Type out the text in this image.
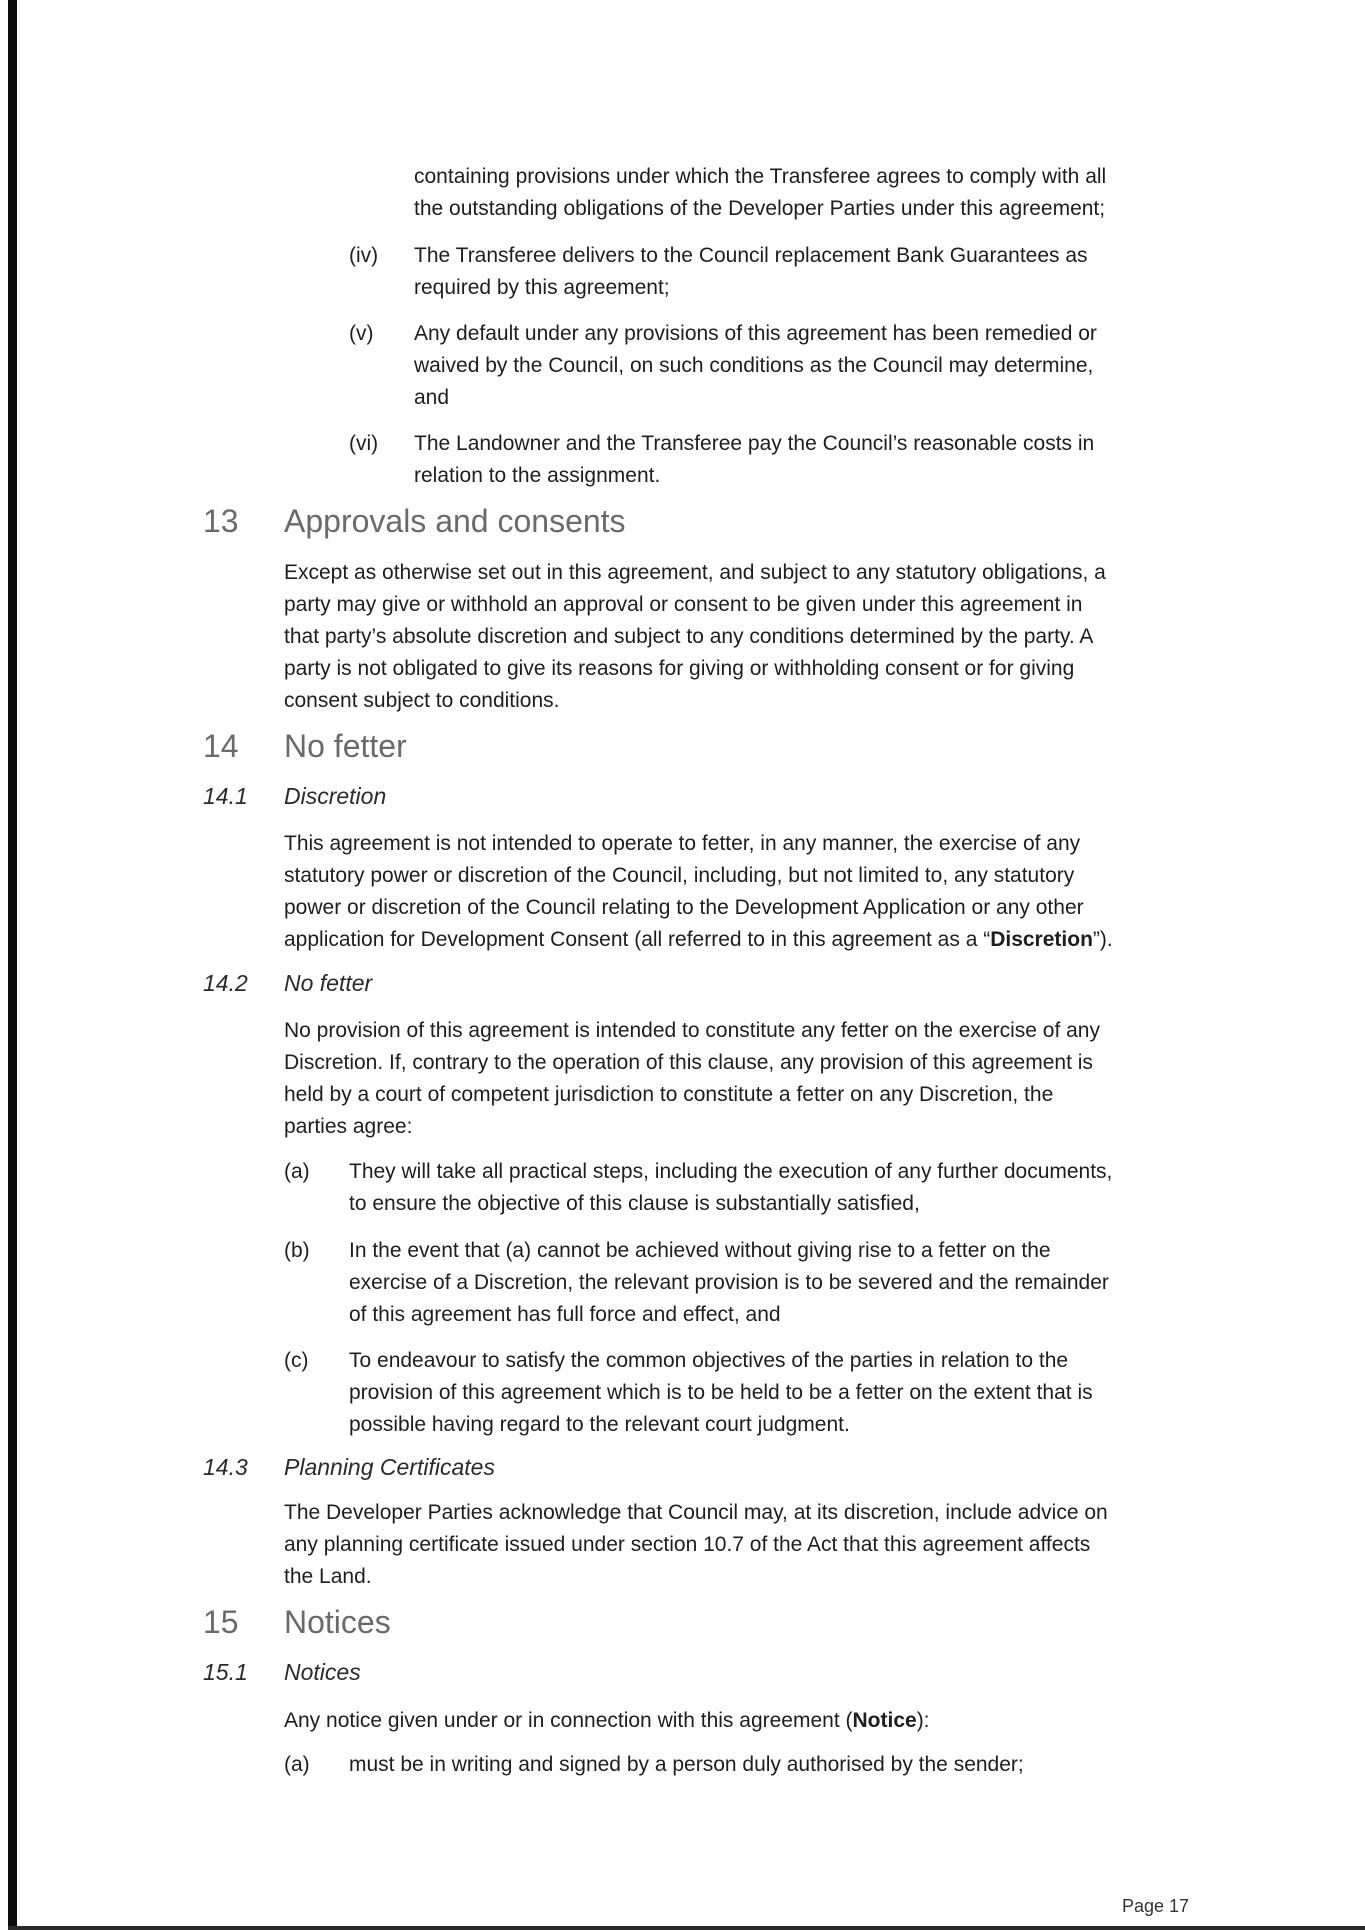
containing provisions under which the Transferee agrees to comply with all

the outstanding obligations of the Developer Parties under this agreement;

(iv) The Transferee delivers to the Council replacement Bank Guarantees as

required by this agreement;

(v) Any default under any provisions of this agreement has been remedied or

waived by the Council, on such conditions as the Council may determine,

and

(vi) The Landowner and the Transferee pay the Council’s reasonable costs in

relation to the assignment.

13 Approvals and consents

Except as otherwise set out in this agreement, and subject to any statutory obligations, a

party may give or withhold an approval or consent to be given under this agreement in

that party’s absolute discretion and subject to any conditions determined by the party. A

party is not obligated to give its reasons for giving or withholding consent or for giving

consent subject to conditions.

14 No fetter

14.1 Discretion

This agreement is not intended to operate to fetter, in any manner, the exercise of any

statutory power or discretion of the Council, including, but not limited to, any statutory

power or discretion of the Council relating to the Development Application or any other

application for Development Consent (all referred to in this agreement as a “Discretion”).

14.2 No fetter

No provision of this agreement is intended to constitute any fetter on the exercise of any

Discretion. If, contrary to the operation of this clause, any provision of this agreement is

held by a court of competent jurisdiction to constitute a fetter on any Discretion, the

parties agree:

(a) They will take all practical steps, including the execution of any further documents,

to ensure the objective of this clause is substantially satisfied,

(b) In the event that (a) cannot be achieved without giving rise to a fetter on the

exercise of a Discretion, the relevant provision is to be severed and the remainder

of this agreement has full force and effect, and

(c) To endeavour to satisfy the common objectives of the parties in relation to the

provision of this agreement which is to be held to be a fetter on the extent that is

possible having regard to the relevant court judgment.

14.3 Planning Certificates

The Developer Parties acknowledge that Council may, at its discretion, include advice on

any planning certificate issued under section 10.7 of the Act that this agreement affects

the Land.

15 Notices

15.1 Notices

Any notice given under or in connection with this agreement (Notice):

(a) must be in writing and signed by a person duly authorised by the sender;

Page 17
